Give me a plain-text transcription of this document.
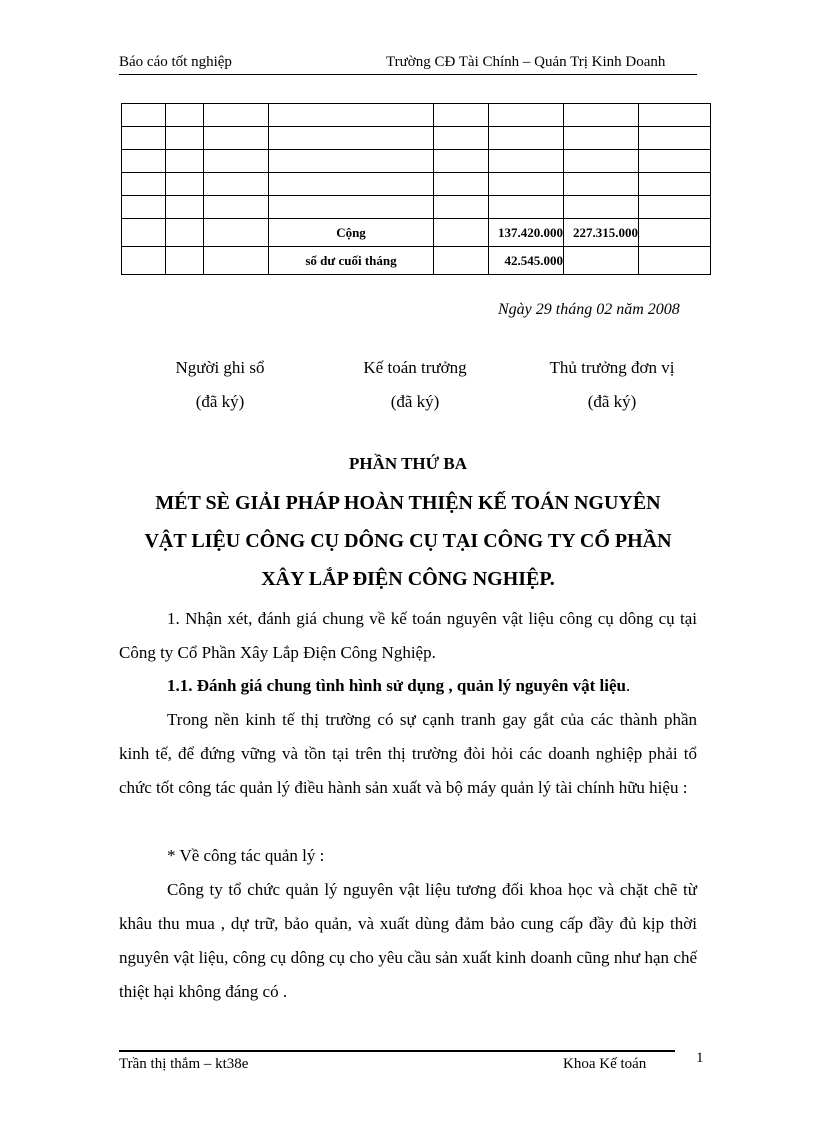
Báo cáo tốt nghiệp	Trường CĐ Tài Chính – Quản Trị Kinh Doanh

			Cộng		137.420.000	227.315.000	
			số dư cuối tháng		42.545.000		
Ngày 29 tháng 02 năm 2008
Người ghi sổ
(đã ký)
Kế toán trưởng
(đã ký)
Thủ trưởng đơn vị
(đã ký)
PHẦN THỨ BA
MÉT SÈ GIẢI PHÁP HOÀN THIỆN KẾ TOÁN NGUYÊN
VẬT LIỆU CÔNG CỤ DÔNG CỤ TẠI CÔNG TY CỔ PHẦN
XÂY LẮP ĐIỆN CÔNG NGHIỆP.
1. Nhận xét, đánh giá chung về kế toán nguyên vật liệu công cụ dông cụ tại Công ty Cổ Phần Xây Lắp Điện Công Nghiệp.
1.1. Đánh giá chung tình hình sử dụng , quản lý nguyên vật liệu.
Trong nền kinh tế thị trường có sự cạnh tranh gay gắt của các thành phần kinh tế, để đứng vững và tồn tại trên thị trường đòi hỏi các doanh nghiệp phải tổ chức tốt công tác quản lý điều hành sản xuất và bộ máy quản lý tài chính hữu hiệu :
* Về công tác quản lý :
Công ty tổ chức quản lý nguyên vật liệu tương đối khoa học và chặt chẽ từ khâu thu mua , dự trữ, bảo quản, và xuất dùng đảm bảo cung cấp đầy đủ kịp thời nguyên vật liệu, công cụ dông cụ cho yêu cầu sản xuất kinh doanh cũng như hạn chế thiệt hại không đáng có .
Trần thị thắm – kt38e	Khoa Kế toán	1
